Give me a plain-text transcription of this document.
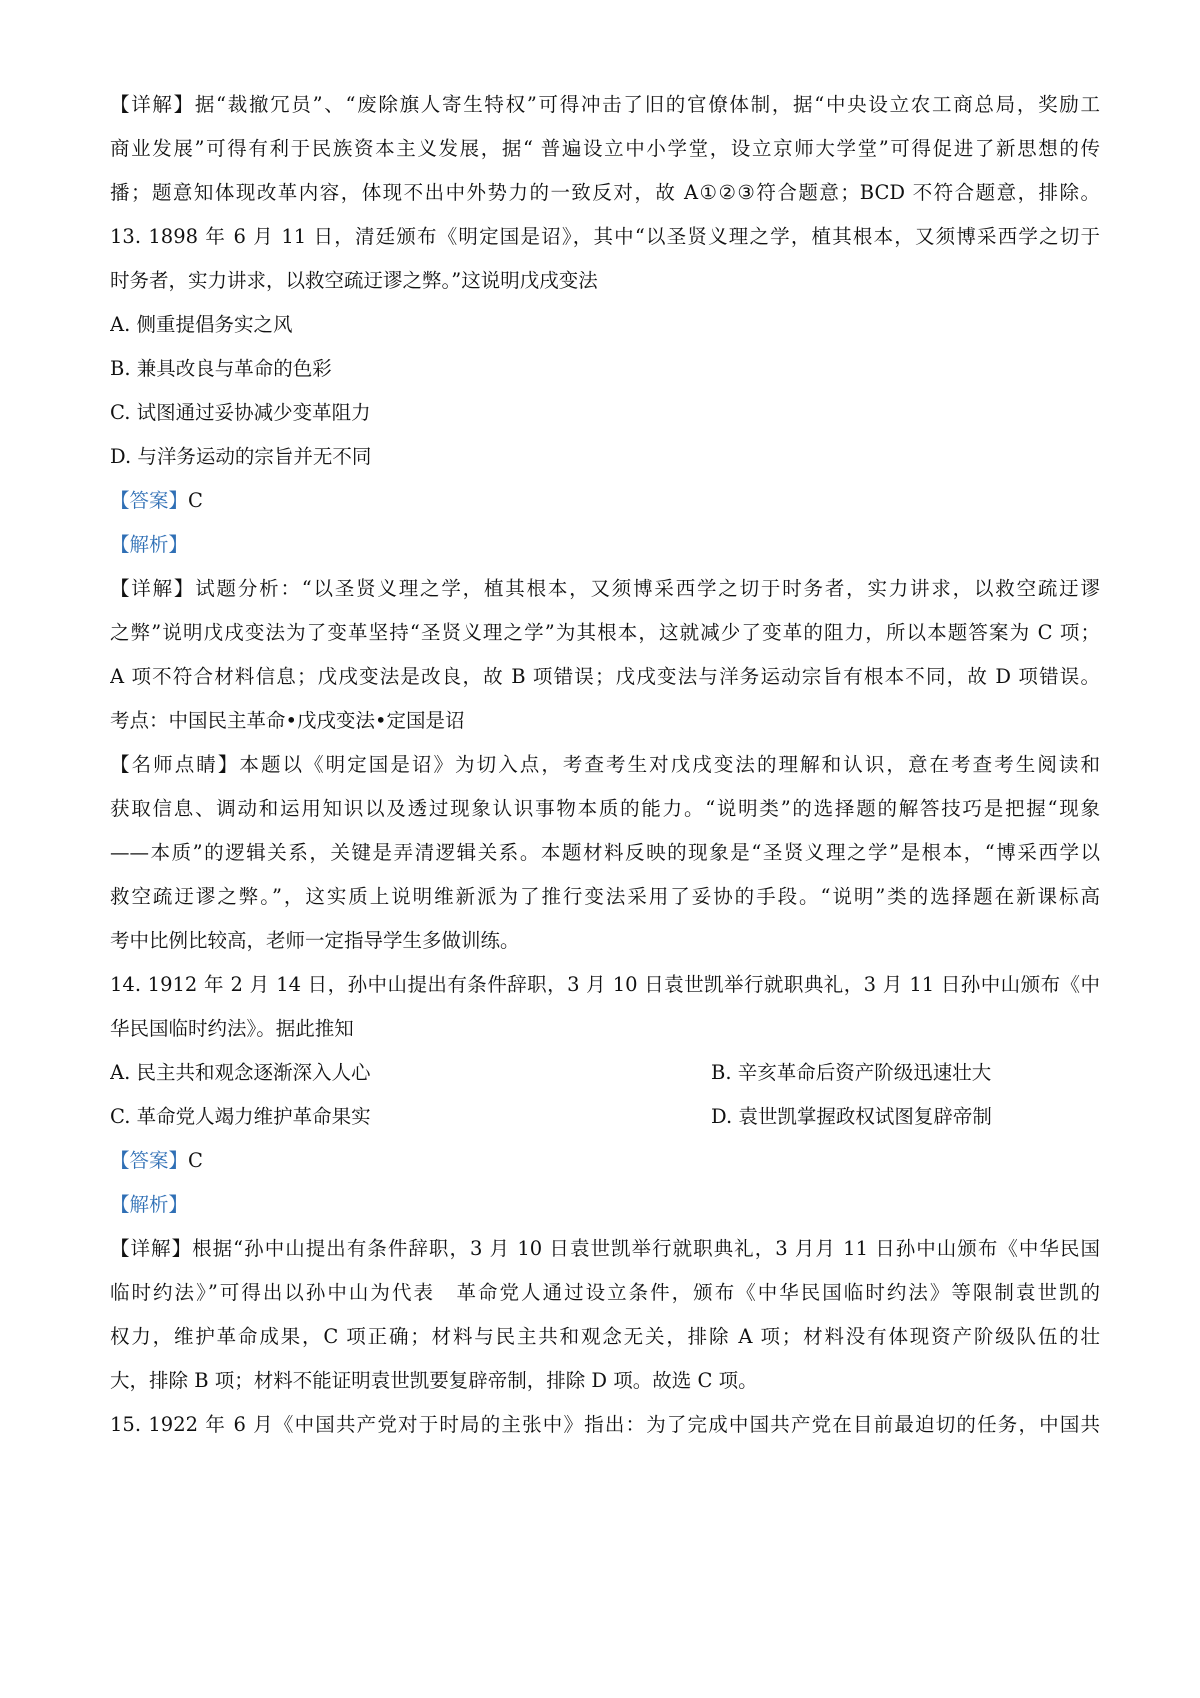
【详解】据“裁撤冗员”、“废除旗人寄生特权”可得冲击了旧的官僚体制，据“中央设立农工商总局，奖励工
商业发展”可得有利于民族资本主义发展，据“ 普遍设立中小学堂，设立京师大学堂”可得促进了新思想的传
播；题意知体现改革内容，体现不出中外势力的一致反对，故 A①②③符合题意；BCD 不符合题意，排除。
13. 1898 年 6 月 11 日，清廷颁布《明定国是诏》，其中“以圣贤义理之学，植其根本，又须博采西学之切于
时务者，实力讲求，以救空疏迂谬之弊。”这说明戊戌变法
A. 侧重提倡务实之风
B. 兼具改良与革命的色彩
C. 试图通过妥协减少变革阻力
D. 与洋务运动的宗旨并无不同
【答案】C
【解析】
【详解】试题分析：“以圣贤义理之学，植其根本，又须博采西学之切于时务者，实力讲求，以救空疏迂谬
之弊”说明戊戌变法为了变革坚持“圣贤义理之学”为其根本，这就减少了变革的阻力，所以本题答案为 C 项；
A 项不符合材料信息；戊戌变法是改良，故 B 项错误；戊戌变法与洋务运动宗旨有根本不同，故 D 项错误。
考点：中国民主革命•戊戌变法•定国是诏
【名师点睛】本题以《明定国是诏》为切入点，考查考生对戊戌变法的理解和认识，意在考查考生阅读和
获取信息、调动和运用知识以及透过现象认识事物本质的能力。“说明类”的选择题的解答技巧是把握“现象
——本质”的逻辑关系，关键是弄清逻辑关系。本题材料反映的现象是“圣贤义理之学”是根本，“博采西学以
救空疏迂谬之弊。”，这实质上说明维新派为了推行变法采用了妥协的手段。“说明”类的选择题在新课标高
考中比例比较高，老师一定指导学生多做训练。
14. 1912 年 2 月 14 日，孙中山提出有条件辞职，3 月 10 日袁世凯举行就职典礼，3 月 11 日孙中山颁布《中
华民国临时约法》。据此推知
A. 民主共和观念逐渐深入人心	B. 辛亥革命后资产阶级迅速壮大
C. 革命党人竭力维护革命果实	D. 袁世凯掌握政权试图复辟帝制
【答案】C
【解析】
【详解】根据“孙中山提出有条件辞职，3 月 10 日袁世凯举行就职典礼，3 月月 11 日孙中山颁布《中华民国
临时约法》”可得出以孙中山为代表　革命党人通过设立条件，颁布《中华民国临时约法》等限制袁世凯的
权力，维护革命成果，C 项正确；材料与民主共和观念无关，排除 A 项；材料没有体现资产阶级队伍的壮
大，排除 B 项；材料不能证明袁世凯要复辟帝制，排除 D 项。故选 C 项。
15. 1922 年 6 月《中国共产党对于时局的主张中》指出：为了完成中国共产党在目前最迫切的任务，中国共
